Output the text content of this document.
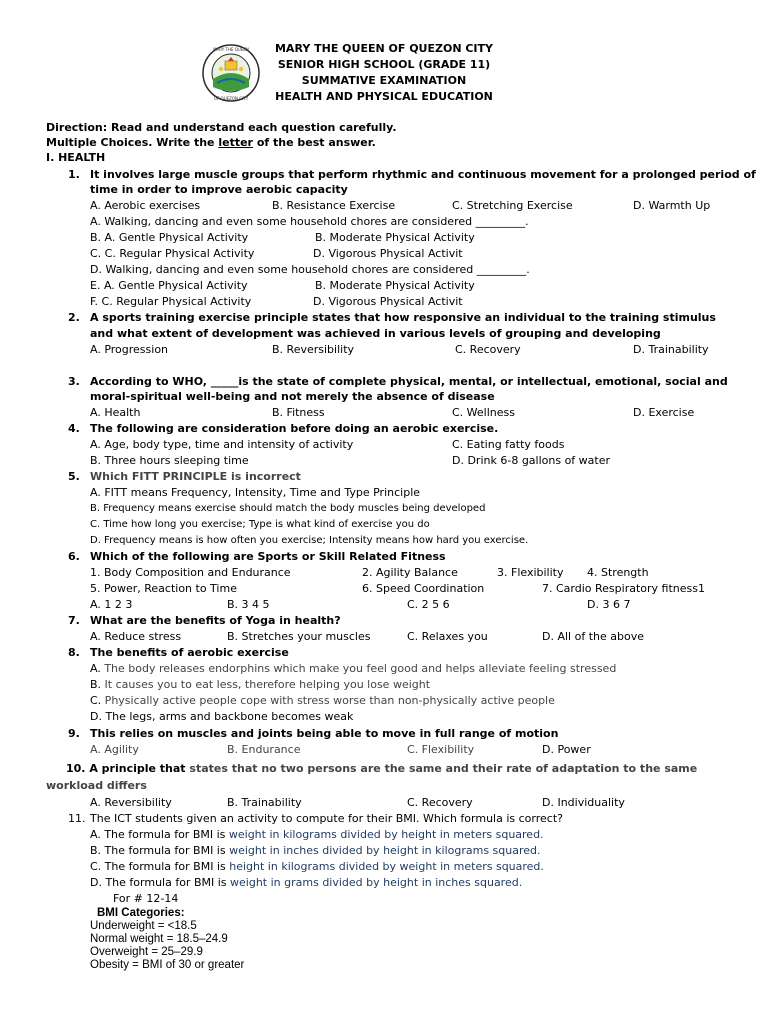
MARY THE QUEEN
OF QUEZON CITY
MARY THE QUEEN OF QUEZON CITY
SENIOR HIGH SCHOOL (GRADE 11)
SUMMATIVE EXAMINATION
HEALTH AND PHYSICAL EDUCATION
Direction: Read and understand each question carefully.
Multiple Choices. Write the letter of the best answer.
I. HEALTH
1. It involves large muscle groups that perform rhythmic and continuous movement for a prolonged period of
time in order to improve aerobic capacity
A. Aerobic exercises	B. Resistance Exercise	C. Stretching Exercise	D. Warmth Up
A. Walking, dancing and even some household chores are considered _________.
B. A. Gentle Physical Activity	B. Moderate Physical Activity
C. C. Regular Physical Activity	D. Vigorous Physical Activit
D. Walking, dancing and even some household chores are considered _________.
E. A. Gentle Physical Activity	B. Moderate Physical Activity
F. C. Regular Physical Activity	D. Vigorous Physical Activit
2. A sports training exercise principle states that how responsive an individual to the training stimulus
and what extent of development was achieved in various levels of grouping and developing
A. Progression	B. Reversibility	C. Recovery	D. Trainability
3. According to WHO, _____is the state of complete physical, mental, or intellectual, emotional, social and
moral-spiritual well-being and not merely the absence of disease
A. Health	B. Fitness	C. Wellness	D. Exercise
4. The following are consideration before doing an aerobic exercise.
A. Age, body type, time and intensity of activity	C. Eating fatty foods
B. Three hours sleeping time	D. Drink 6-8 gallons of water
5. Which FITT PRINCIPLE is incorrect
A. FITT means Frequency, Intensity, Time and Type Principle
B. Frequency means exercise should match the body muscles being developed
C. Time how long you exercise; Type is what kind of exercise you do
D. Frequency means is how often you exercise; Intensity means how hard you exercise.
6. Which of the following are Sports or Skill Related Fitness
1. Body Composition and Endurance	2. Agility Balance	3. Flexibility 4. Strength
5. Power, Reaction to Time	6. Speed Coordination	7. Cardio Respiratory fitness1
A. 1 2 3	B. 3 4 5	C. 2 5 6	D. 3 6 7
7. What are the benefits of Yoga in health?
A. Reduce stress	B. Stretches your muscles	C. Relaxes you	D. All of the above
8. The benefits of aerobic exercise
A. The body releases endorphins which make you feel good and helps alleviate feeling stressed
B. It causes you to eat less, therefore helping you lose weight
C. Physically active people cope with stress worse than non-physically active people
D. The legs, arms and backbone becomes weak
9. This relies on muscles and joints being able to move in full range of motion
A. Agility	B. Endurance	C. Flexibility	D. Power
10. A principle that states that no two persons are the same and their rate of adaptation to the same
workload differs
A. Reversibility	B. Trainability	C. Recovery	D. Individuality
11. The ICT students given an activity to compute for their BMI. Which formula is correct?
A. The formula for BMI is weight in kilograms divided by height in meters squared.
B. The formula for BMI is weight in inches divided by height in kilograms squared.
C. The formula for BMI is height in kilograms divided by weight in meters squared.
D. The formula for BMI is weight in grams divided by height in inches squared.
For # 12-14
BMI Categories:
Underweight = <18.5
Normal weight = 18.5–24.9
Overweight = 25–29.9
Obesity = BMI of 30 or greater
